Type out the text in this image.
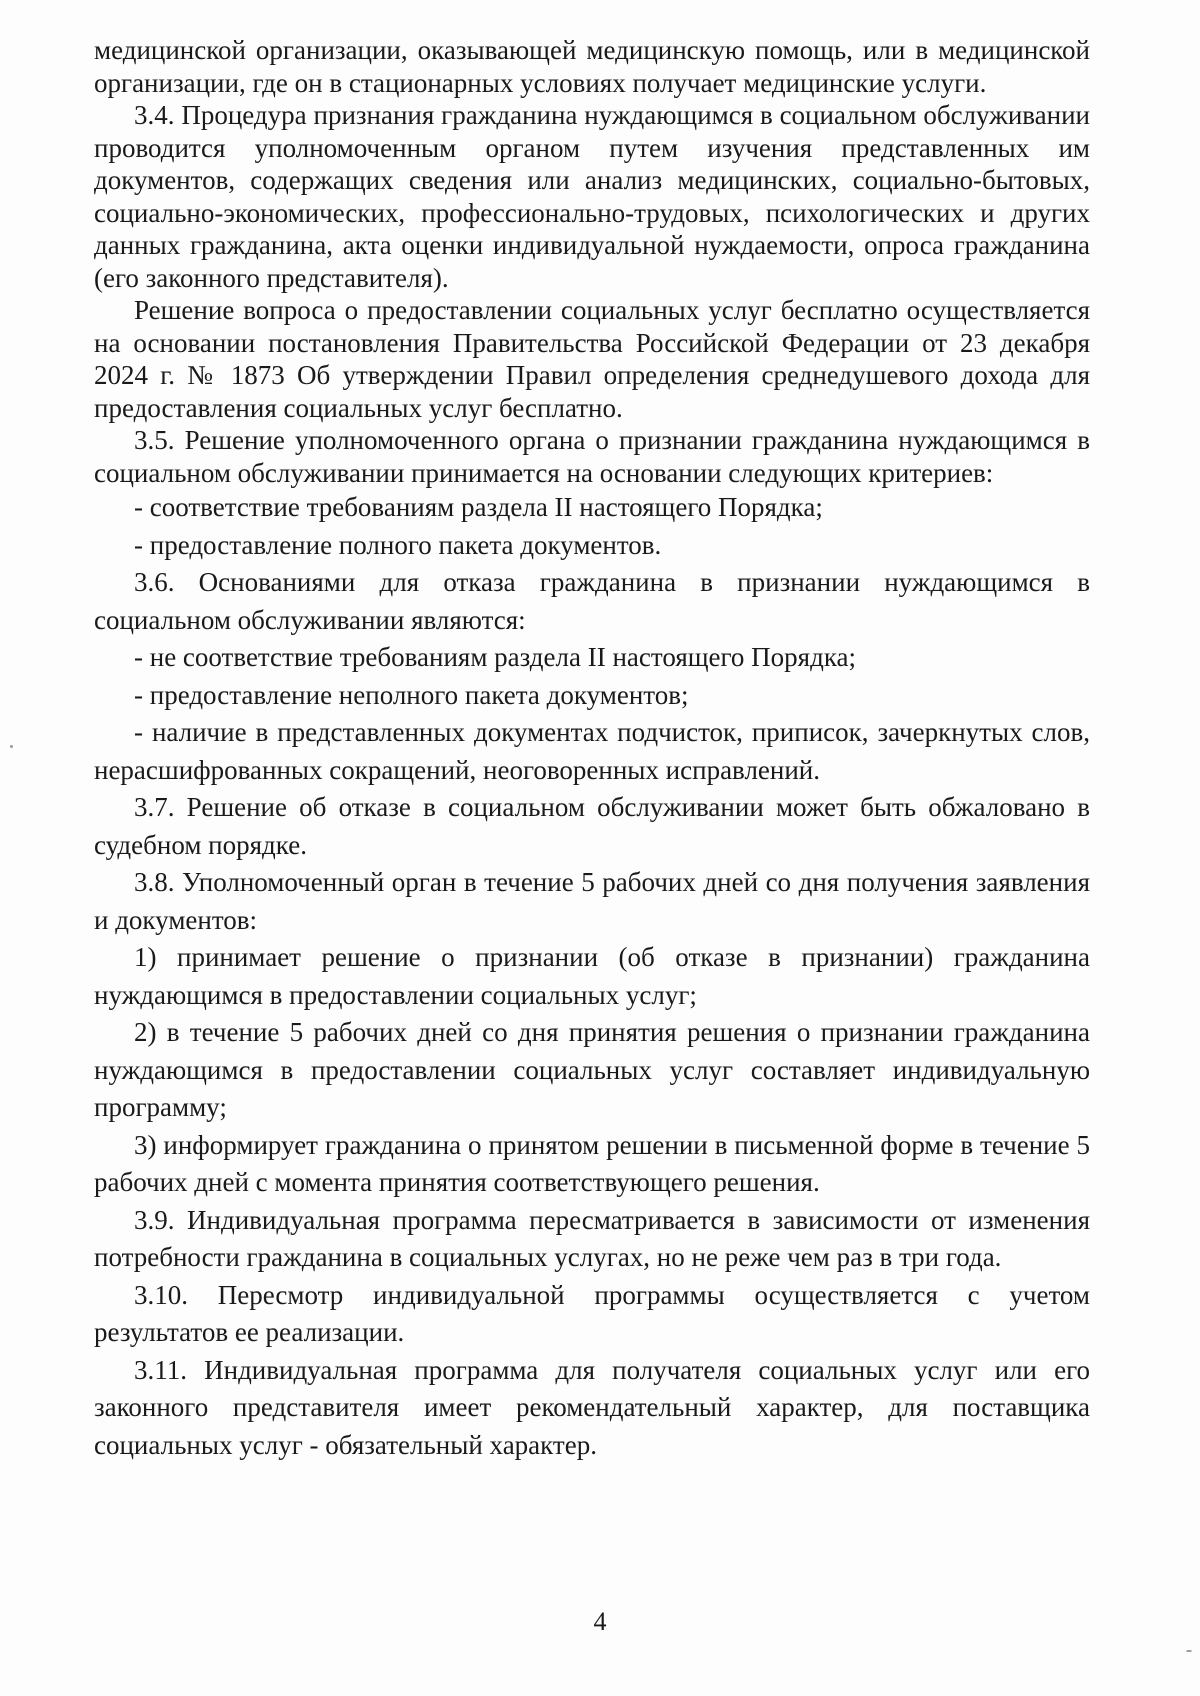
медицинской организации, оказывающей медицинскую помощь, или в медицинской организации, где он в стационарных условиях получает медицинские услуги.

3.4. Процедура признания гражданина нуждающимся в социальном обслуживании проводится уполномоченным органом путем изучения представленных им документов, содержащих сведения или анализ медицинских, социально-бытовых, социально-экономических, профессионально-трудовых, психологических и других данных гражданина, акта оценки индивидуальной нуждаемости, опроса гражданина (его законного представителя).

Решение вопроса о предоставлении социальных услуг бесплатно осуществляется на основании постановления Правительства Российской Федерации от 23 декабря 2024 г. № 1873 Об утверждении Правил определения среднедушевого дохода для предоставления социальных услуг бесплатно.

3.5. Решение уполномоченного органа о признании гражданина нуждающимся в социальном обслуживании принимается на основании следующих критериев:

- соответствие требованиям раздела II настоящего Порядка;

- предоставление полного пакета документов.

3.6. Основаниями для отказа гражданина в признании нуждающимся в социальном обслуживании являются:

- не соответствие требованиям раздела II настоящего Порядка;

- предоставление неполного пакета документов;

- наличие в представленных документах подчисток, приписок, зачеркнутых слов, нерасшифрованных сокращений, неоговоренных исправлений.

3.7. Решение об отказе в социальном обслуживании может быть обжаловано в судебном порядке.

3.8. Уполномоченный орган в течение 5 рабочих дней со дня получения заявления и документов:

1) принимает решение о признании (об отказе в признании) гражданина нуждающимся в предоставлении социальных услуг;

2) в течение 5 рабочих дней со дня принятия решения о признании гражданина нуждающимся в предоставлении социальных услуг составляет индивидуальную программу;

3) информирует гражданина о принятом решении в письменной форме в течение 5 рабочих дней с момента принятия соответствующего решения.

3.9. Индивидуальная программа пересматривается в зависимости от изменения потребности гражданина в социальных услугах, но не реже чем раз в три года.

3.10. Пересмотр индивидуальной программы осуществляется с учетом результатов ее реализации.

3.11. Индивидуальная программа для получателя социальных услуг или его законного представителя имеет рекомендательный характер, для поставщика социальных услуг - обязательный характер.

4
